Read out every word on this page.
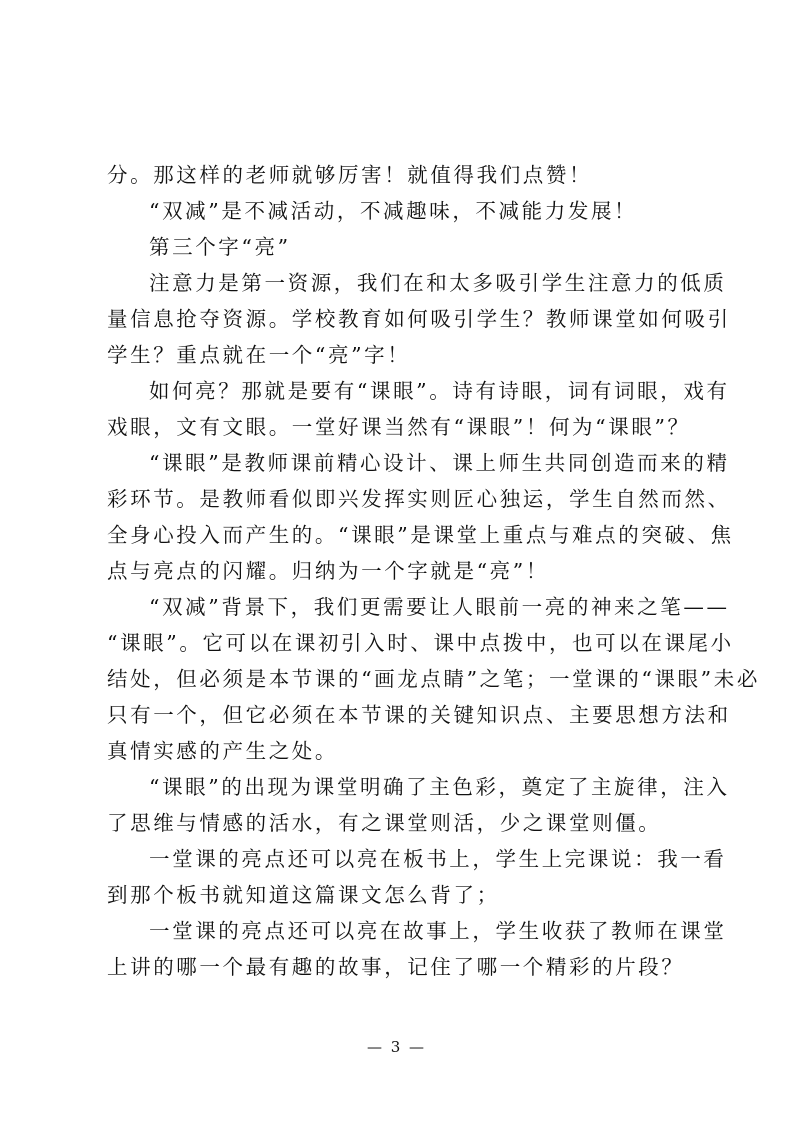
分。那这样的老师就够厉害！就值得我们点赞！

“双减”是不减活动，不减趣味，不减能力发展！

第三个字“亮”

注意力是第一资源，我们在和太多吸引学生注意力的低质
量信息抢夺资源。学校教育如何吸引学生？教师课堂如何吸引
学生？重点就在一个“亮”字！

如何亮？那就是要有“课眼”。诗有诗眼，词有词眼，戏有
戏眼，文有文眼。一堂好课当然有“课眼”！何为“课眼”？

“课眼”是教师课前精心设计、课上师生共同创造而来的精
彩环节。是教师看似即兴发挥实则匠心独运，学生自然而然、
全身心投入而产生的。“课眼”是课堂上重点与难点的突破、焦
点与亮点的闪耀。归纳为一个字就是“亮”！

“双减”背景下，我们更需要让人眼前一亮的神来之笔——
“课眼”。它可以在课初引入时、课中点拨中，也可以在课尾小
结处，但必须是本节课的“画龙点睛”之笔；一堂课的“课眼”未必
只有一个，但它必须在本节课的关键知识点、主要思想方法和
真情实感的产生之处。

“课眼”的出现为课堂明确了主色彩，奠定了主旋律，注入
了思维与情感的活水，有之课堂则活，少之课堂则僵。

一堂课的亮点还可以亮在板书上，学生上完课说：我一看
到那个板书就知道这篇课文怎么背了；

一堂课的亮点还可以亮在故事上，学生收获了教师在课堂
上讲的哪一个最有趣的故事，记住了哪一个精彩的片段？

— 3 —
